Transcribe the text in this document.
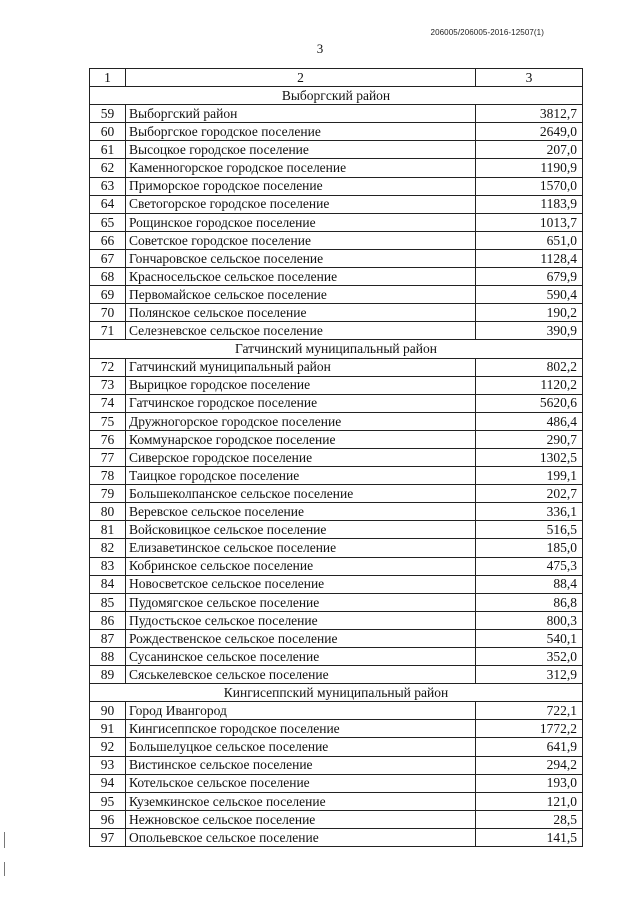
206005/206005-2016-12507(1)
3
1	2	3
Выборгский район		
59	Выборгский район	3812,7
60	Выборгское городское поселение	2649,0
61	Высоцкое городское поселение	207,0
62	Каменногорское городское поселение	1190,9
63	Приморское городское поселение	1570,0
64	Светогорское городское поселение	1183,9
65	Рощинское городское поселение	1013,7
66	Советское городское поселение	651,0
67	Гончаровское сельское поселение	1128,4
68	Красносельское сельское поселение	679,9
69	Первомайское сельское поселение	590,4
70	Полянское сельское поселение	190,2
71	Селезневское сельское поселение	390,9
Гатчинский муниципальный район		
72	Гатчинский муниципальный район	802,2
73	Вырицкое городское поселение	1120,2
74	Гатчинское городское поселение	5620,6
75	Дружногорское городское поселение	486,4
76	Коммунарское городское поселение	290,7
77	Сиверское городское поселение	1302,5
78	Таицкое городское поселение	199,1
79	Большеколпанское сельское поселение	202,7
80	Веревское сельское поселение	336,1
81	Войсковицкое сельское поселение	516,5
82	Елизаветинское сельское поселение	185,0
83	Кобринское сельское поселение	475,3
84	Новосветское сельское поселение	88,4
85	Пудомягское сельское поселение	86,8
86	Пудостьское сельское поселение	800,3
87	Рождественское сельское поселение	540,1
88	Сусанинское сельское поселение	352,0
89	Сяськелевское сельское поселение	312,9
Кингисеппский муниципальный район		
90	Город Ивангород	722,1
91	Кингисеппское городское поселение	1772,2
92	Большелуцкое сельское поселение	641,9
93	Вистинское сельское поселение	294,2
94	Котельское сельское поселение	193,0
95	Куземкинское сельское поселение	121,0
96	Нежновское сельское поселение	28,5
97	Опольевское сельское поселение	141,5
